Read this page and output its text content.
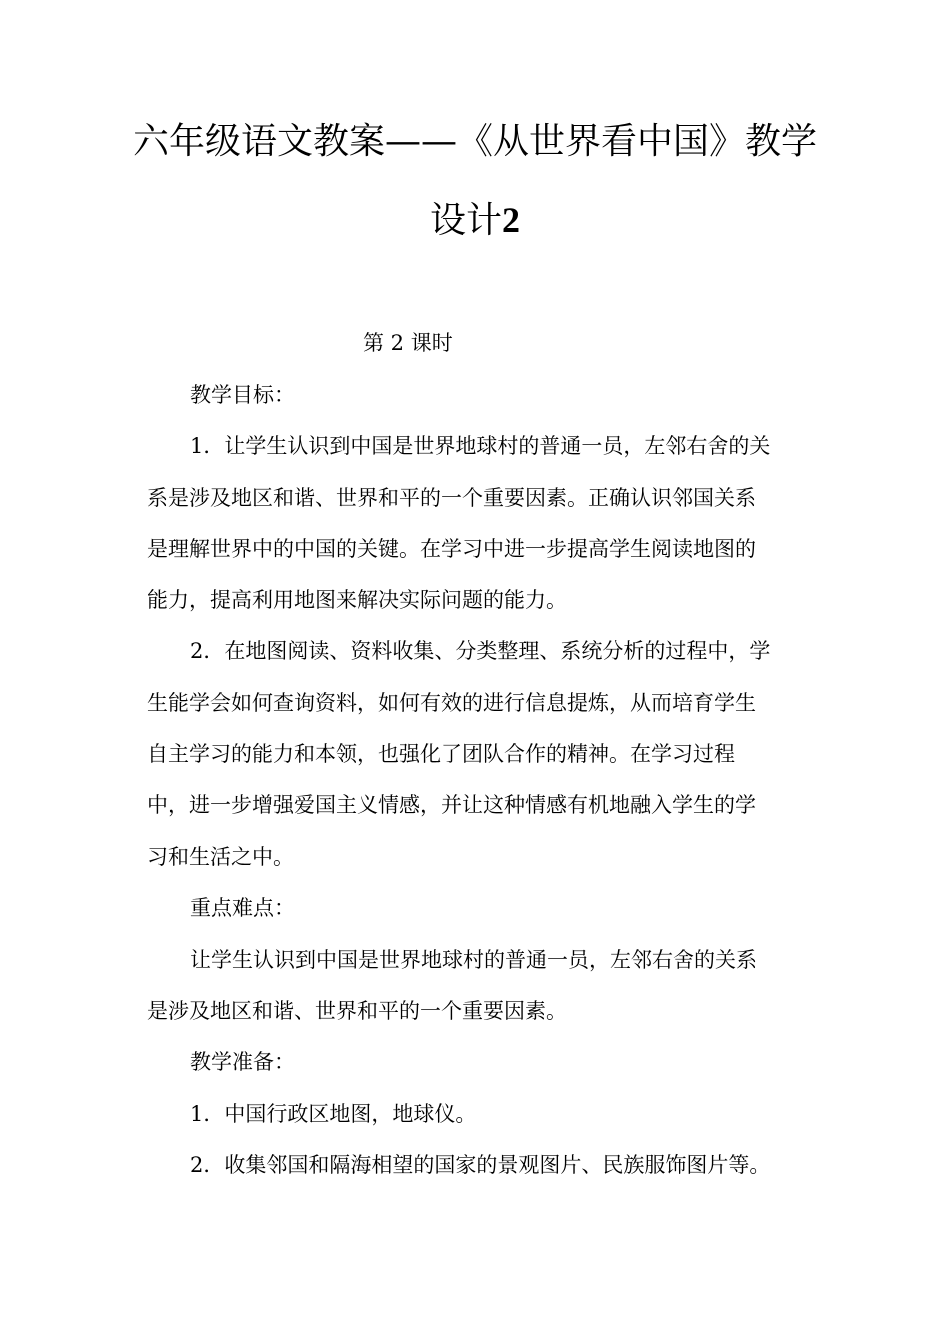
六年级语文教案——《从世界看中国》教学
设计2
第 2 课时
教学目标：
1．让学生认识到中国是世界地球村的普通一员，左邻右舍的关
系是涉及地区和谐、世界和平的一个重要因素。正确认识邻国关系
是理解世界中的中国的关键。在学习中进一步提高学生阅读地图的
能力，提高利用地图来解决实际问题的能力。
2．在地图阅读、资料收集、分类整理、系统分析的过程中，学
生能学会如何查询资料，如何有效的进行信息提炼，从而培育学生
自主学习的能力和本领，也强化了团队合作的精神。在学习过程
中，进一步增强爱国主义情感，并让这种情感有机地融入学生的学
习和生活之中。
重点难点：
让学生认识到中国是世界地球村的普通一员，左邻右舍的关系
是涉及地区和谐、世界和平的一个重要因素。
教学准备：
1．中国行政区地图，地球仪。
2．收集邻国和隔海相望的国家的景观图片、民族服饰图片等。
